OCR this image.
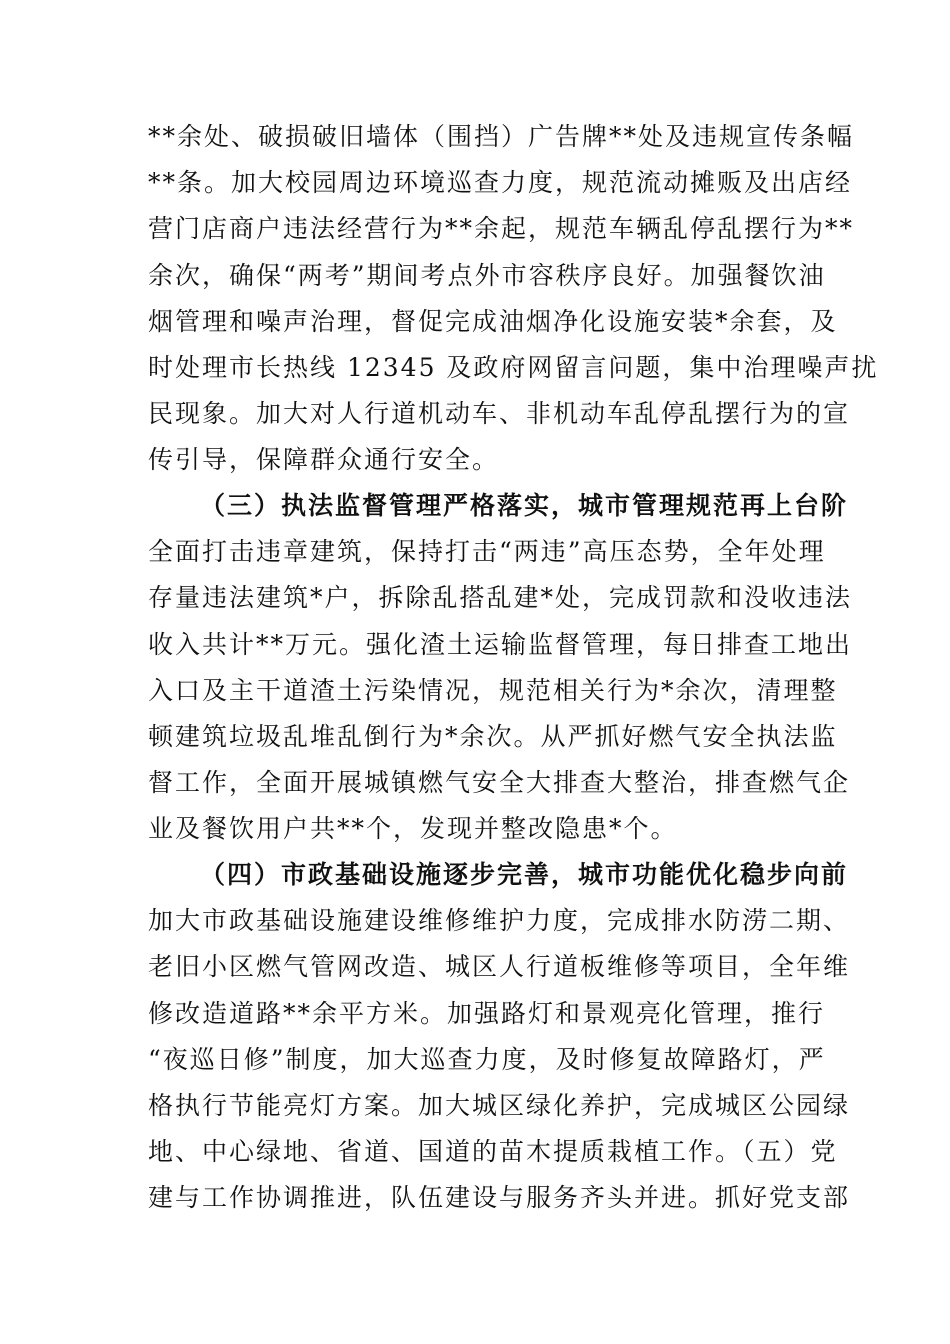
**余处、破损破旧墙体（围挡）广告牌**处及违规宣传条幅
**条。加大校园周边环境巡查力度，规范流动摊贩及出店经
营门店商户违法经营行为**余起，规范车辆乱停乱摆行为**
余次，确保“两考”期间考点外市容秩序良好。加强餐饮油
烟管理和噪声治理，督促完成油烟净化设施安装*余套，及
时处理市长热线 12345 及政府网留言问题，集中治理噪声扰
民现象。加大对人行道机动车、非机动车乱停乱摆行为的宣
传引导，保障群众通行安全。
（三）执法监督管理严格落实，城市管理规范再上台阶
全面打击违章建筑，保持打击“两违”高压态势，全年处理
存量违法建筑*户，拆除乱搭乱建*处，完成罚款和没收违法
收入共计**万元。强化渣土运输监督管理，每日排查工地出
入口及主干道渣土污染情况，规范相关行为*余次，清理整
顿建筑垃圾乱堆乱倒行为*余次。从严抓好燃气安全执法监
督工作，全面开展城镇燃气安全大排查大整治，排查燃气企
业及餐饮用户共**个，发现并整改隐患*个。
（四）市政基础设施逐步完善，城市功能优化稳步向前
加大市政基础设施建设维修维护力度，完成排水防涝二期、
老旧小区燃气管网改造、城区人行道板维修等项目，全年维
修改造道路**余平方米。加强路灯和景观亮化管理，推行
“夜巡日修”制度，加大巡查力度，及时修复故障路灯，严
格执行节能亮灯方案。加大城区绿化养护，完成城区公园绿
地、中心绿地、省道、国道的苗木提质栽植工作。（五）党
建与工作协调推进，队伍建设与服务齐头并进。抓好党支部
